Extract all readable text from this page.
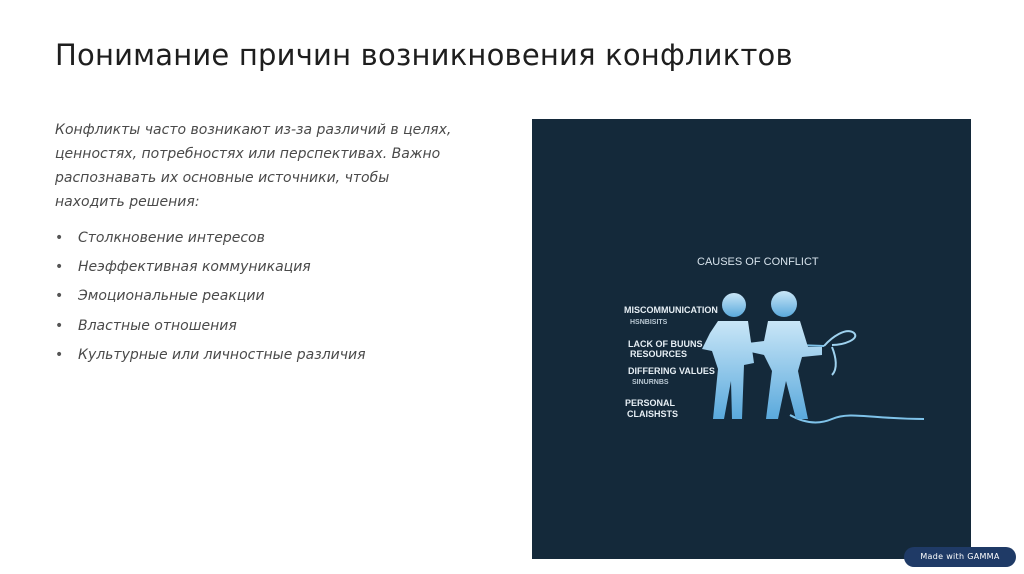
Понимание причин возникновения конфликтов

Конфликты часто возникают из-за различий в целях, ценностях, потребностях или перспективах. Важно распознавать их основные источники, чтобы находить решения:

• Столкновение интересов
• Неэффективная коммуникация
• Эмоциональные реакции
• Властные отношения
• Культурные или личностные различия
CAUSES OF CONFLICT
MISCOMMUNICATION
HSNBISITS
LACK OF BUUNS
RESOURCES
DIFFERING VALUES
SINURNBS
PERSONAL
CLAISHSTS
Made with GAMMA
